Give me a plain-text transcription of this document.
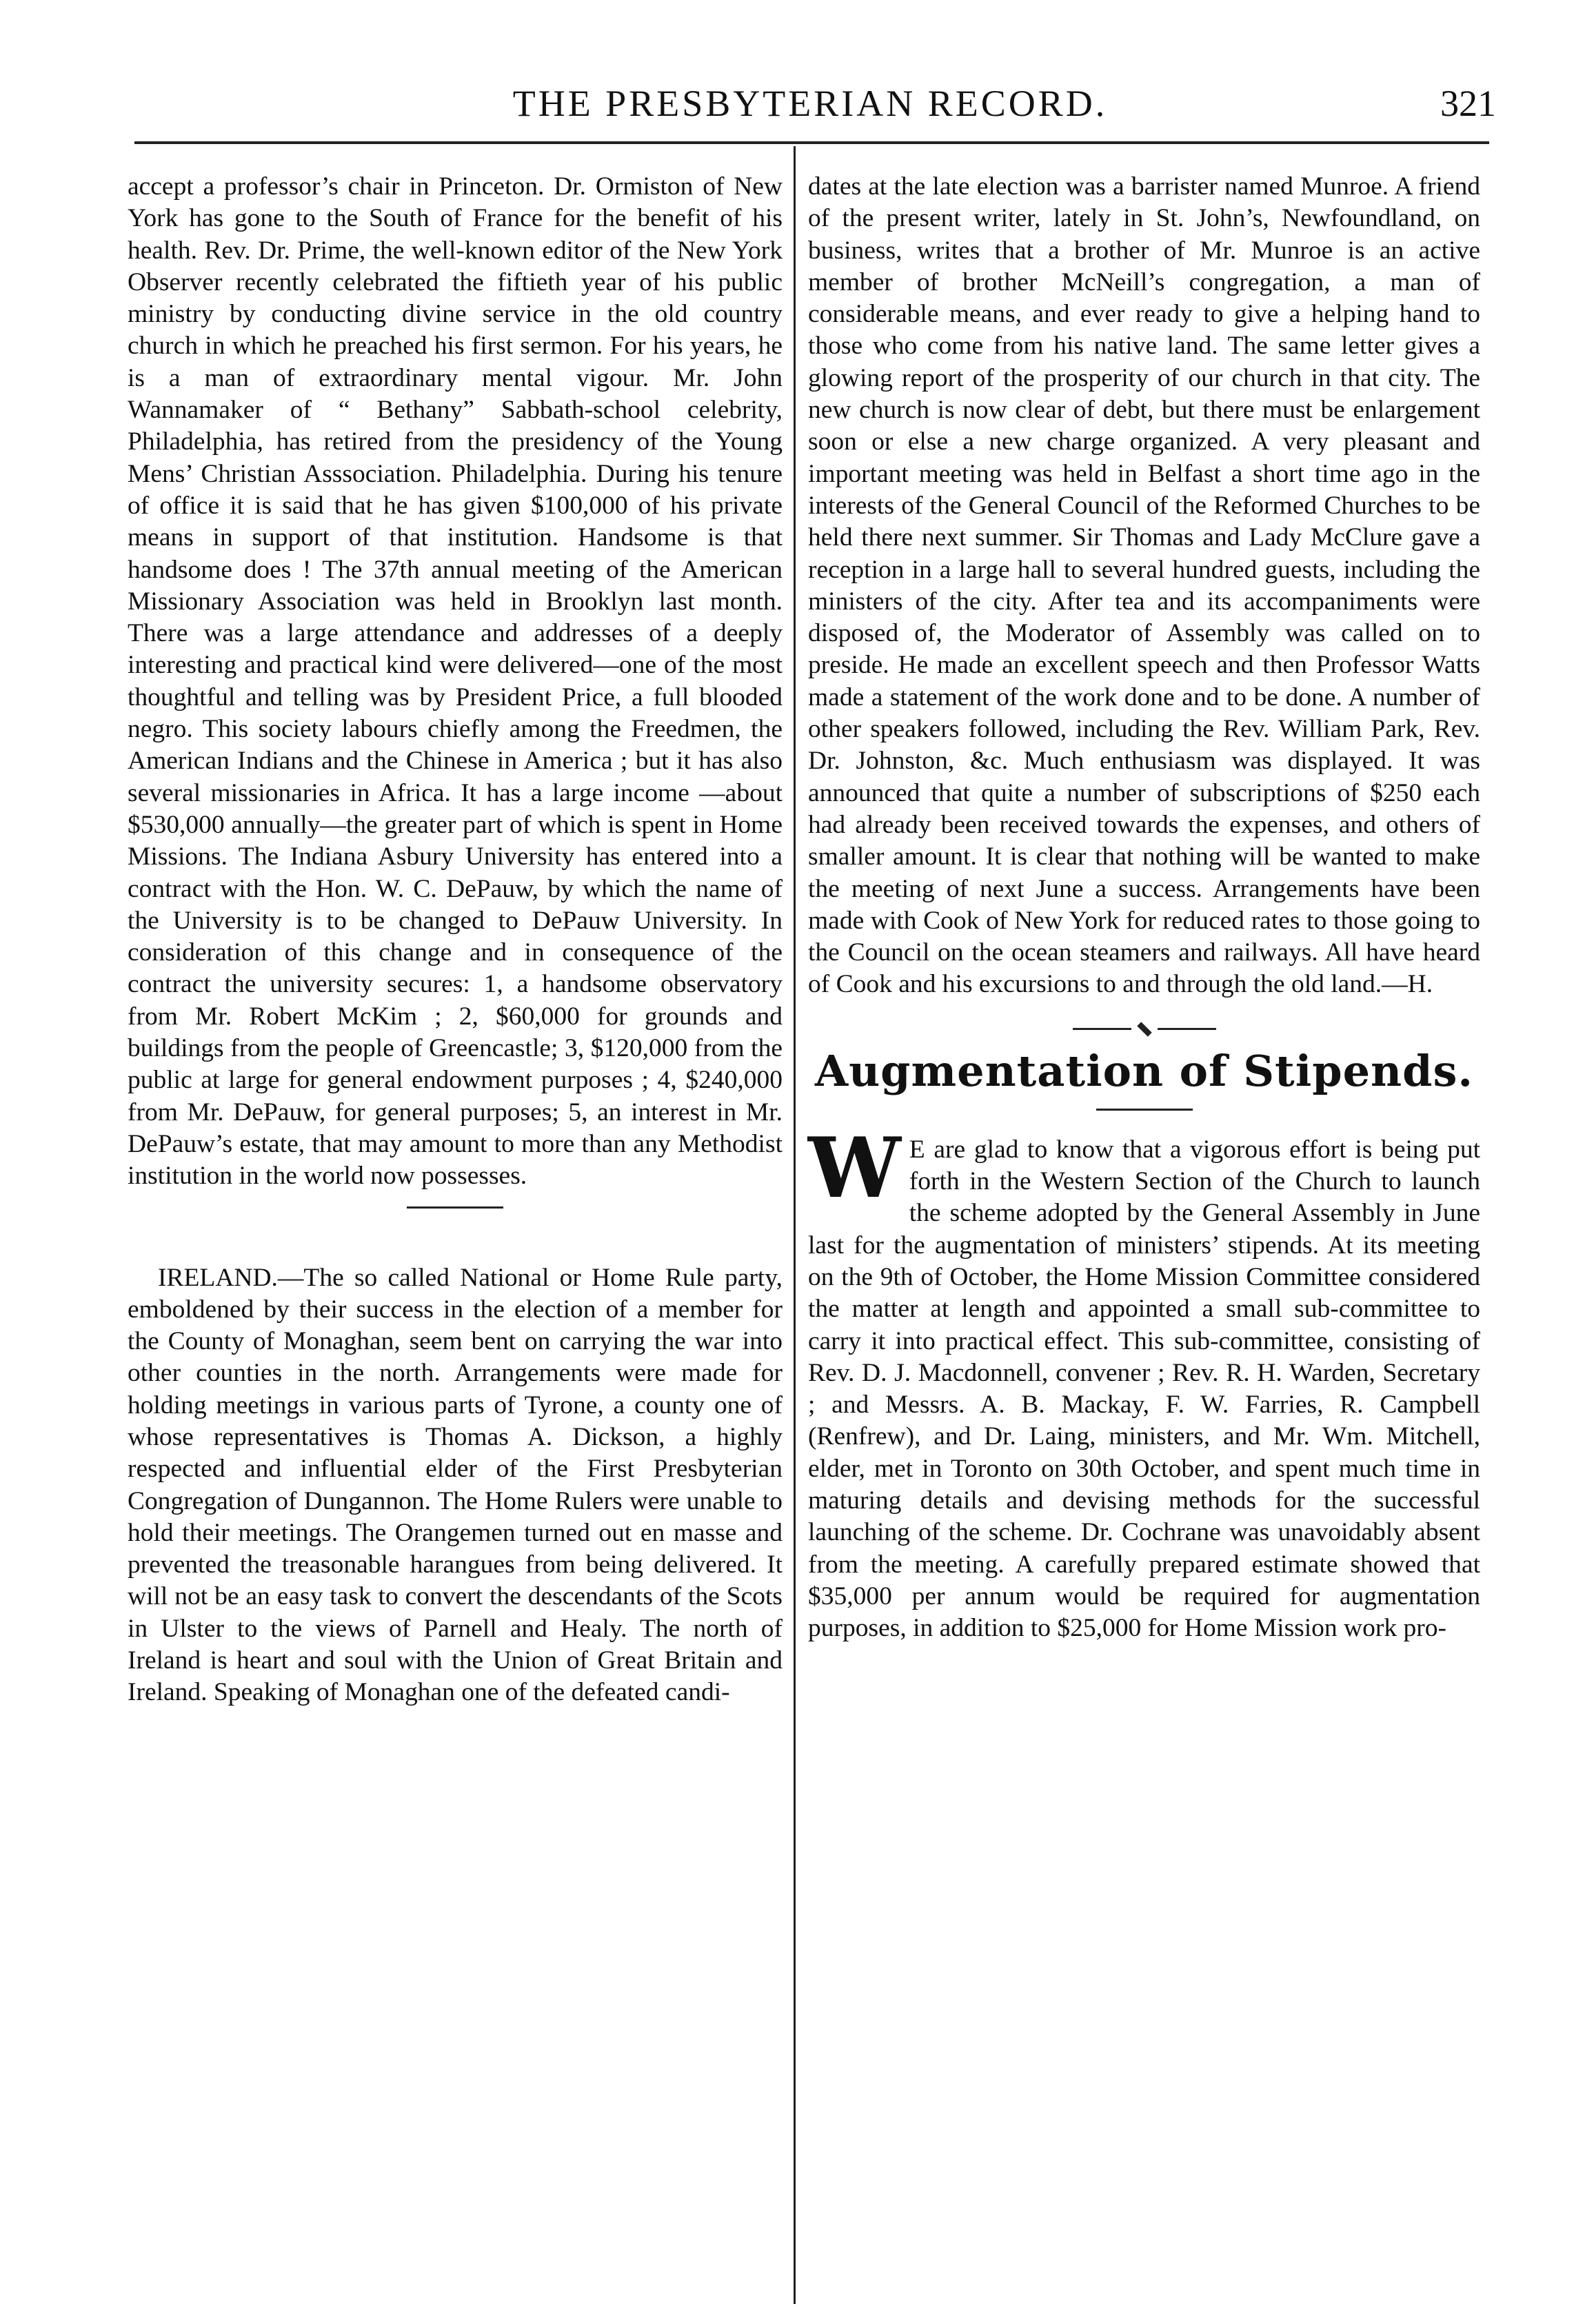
THE PRESBYTERIAN RECORD.	321

accept a professor’s chair in Princeton. Dr. Ormiston of New York has gone to the South of France for the benefit of his health. Rev. Dr. Prime, the well-known editor of the New York Observer recently celebrated the fiftieth year of his public ministry by conducting divine service in the old country church in which he preached his first sermon. For his years, he is a man of extraordinary mental vigour. Mr. John Wannamaker of “ Bethany” Sabbath-school celebrity, Philadelphia, has retired from the presidency of the Young Mens’ Christian Asssociation. Philadelphia. During his tenure of office it is said that he has given $100,000 of his private means in support of that institution. Handsome is that handsome does ! The 37th annual meeting of the American Missionary Association was held in Brooklyn last month. There was a large attendance and addresses of a deeply interesting and practical kind were delivered—one of the most thoughtful and telling was by President Price, a full blooded negro. This society labours chiefly among the Freedmen, the American Indians and the Chinese in America ; but it has also several missionaries in Africa. It has a large income —about $530,000 annually—the greater part of which is spent in Home Missions. The Indiana Asbury University has entered into a contract with the Hon. W. C. DePauw, by which the name of the University is to be changed to DePauw University. In consideration of this change and in consequence of the contract the university secures: 1, a handsome observatory from Mr. Robert McKim ; 2, $60,000 for grounds and buildings from the people of Greencastle; 3, $120,000 from the public at large for general endowment purposes ; 4, $240,000 from Mr. DePauw, for general purposes; 5, an interest in Mr. DePauw’s estate, that may amount to more than any Methodist institution in the world now possesses.

IRELAND.—The so called National or Home Rule party, emboldened by their success in the election of a member for the County of Monaghan, seem bent on carrying the war into other counties in the north. Arrangements were made for holding meetings in various parts of Tyrone, a county one of whose representatives is Thomas A. Dickson, a highly respected and influential elder of the First Presbyterian Congregation of Dungannon. The Home Rulers were unable to hold their meetings. The Orangemen turned out en masse and prevented the treasonable harangues from being delivered. It will not be an easy task to convert the descendants of the Scots in Ulster to the views of Parnell and Healy. The north of Ireland is heart and soul with the Union of Great Britain and Ireland. Speaking of Monaghan one of the defeated candi-

dates at the late election was a barrister named Munroe. A friend of the present writer, lately in St. John’s, Newfoundland, on business, writes that a brother of Mr. Munroe is an active member of brother McNeill’s congregation, a man of considerable means, and ever ready to give a helping hand to those who come from his native land. The same letter gives a glowing report of the prosperity of our church in that city. The new church is now clear of debt, but there must be enlargement soon or else a new charge organized. A very pleasant and important meeting was held in Belfast a short time ago in the interests of the General Council of the Reformed Churches to be held there next summer. Sir Thomas and Lady McClure gave a reception in a large hall to several hundred guests, including the ministers of the city. After tea and its accompaniments were disposed of, the Moderator of Assembly was called on to preside. He made an excellent speech and then Professor Watts made a statement of the work done and to be done. A number of other speakers followed, including the Rev. William Park, Rev. Dr. Johnston, &c. Much enthusiasm was displayed. It was announced that quite a number of subscriptions of $250 each had already been received towards the expenses, and others of smaller amount. It is clear that nothing will be wanted to make the meeting of next June a success. Arrangements have been made with Cook of New York for reduced rates to those going to the Council on the ocean steamers and railways. All have heard of Cook and his excursions to and through the old land.—H.

Augmentation of Stipends.

W E are glad to know that a vigorous effort is being put forth in the Western Section of the Church to launch the scheme adopted by the General Assembly in June last for the augmentation of ministers’ stipends. At its meeting on the 9th of October, the Home Mission Committee considered the matter at length and appointed a small sub-committee to carry it into practical effect. This sub-committee, consisting of Rev. D. J. Macdonnell, convener ; Rev. R. H. Warden, Secretary ; and Messrs. A. B. Mackay, F. W. Farries, R. Campbell (Renfrew), and Dr. Laing, ministers, and Mr. Wm. Mitchell, elder, met in Toronto on 30th October, and spent much time in maturing details and devising methods for the successful launching of the scheme. Dr. Cochrane was unavoidably absent from the meeting. A carefully prepared estimate showed that $35,000 per annum would be required for augmentation purposes, in addition to $25,000 for Home Mission work pro-
